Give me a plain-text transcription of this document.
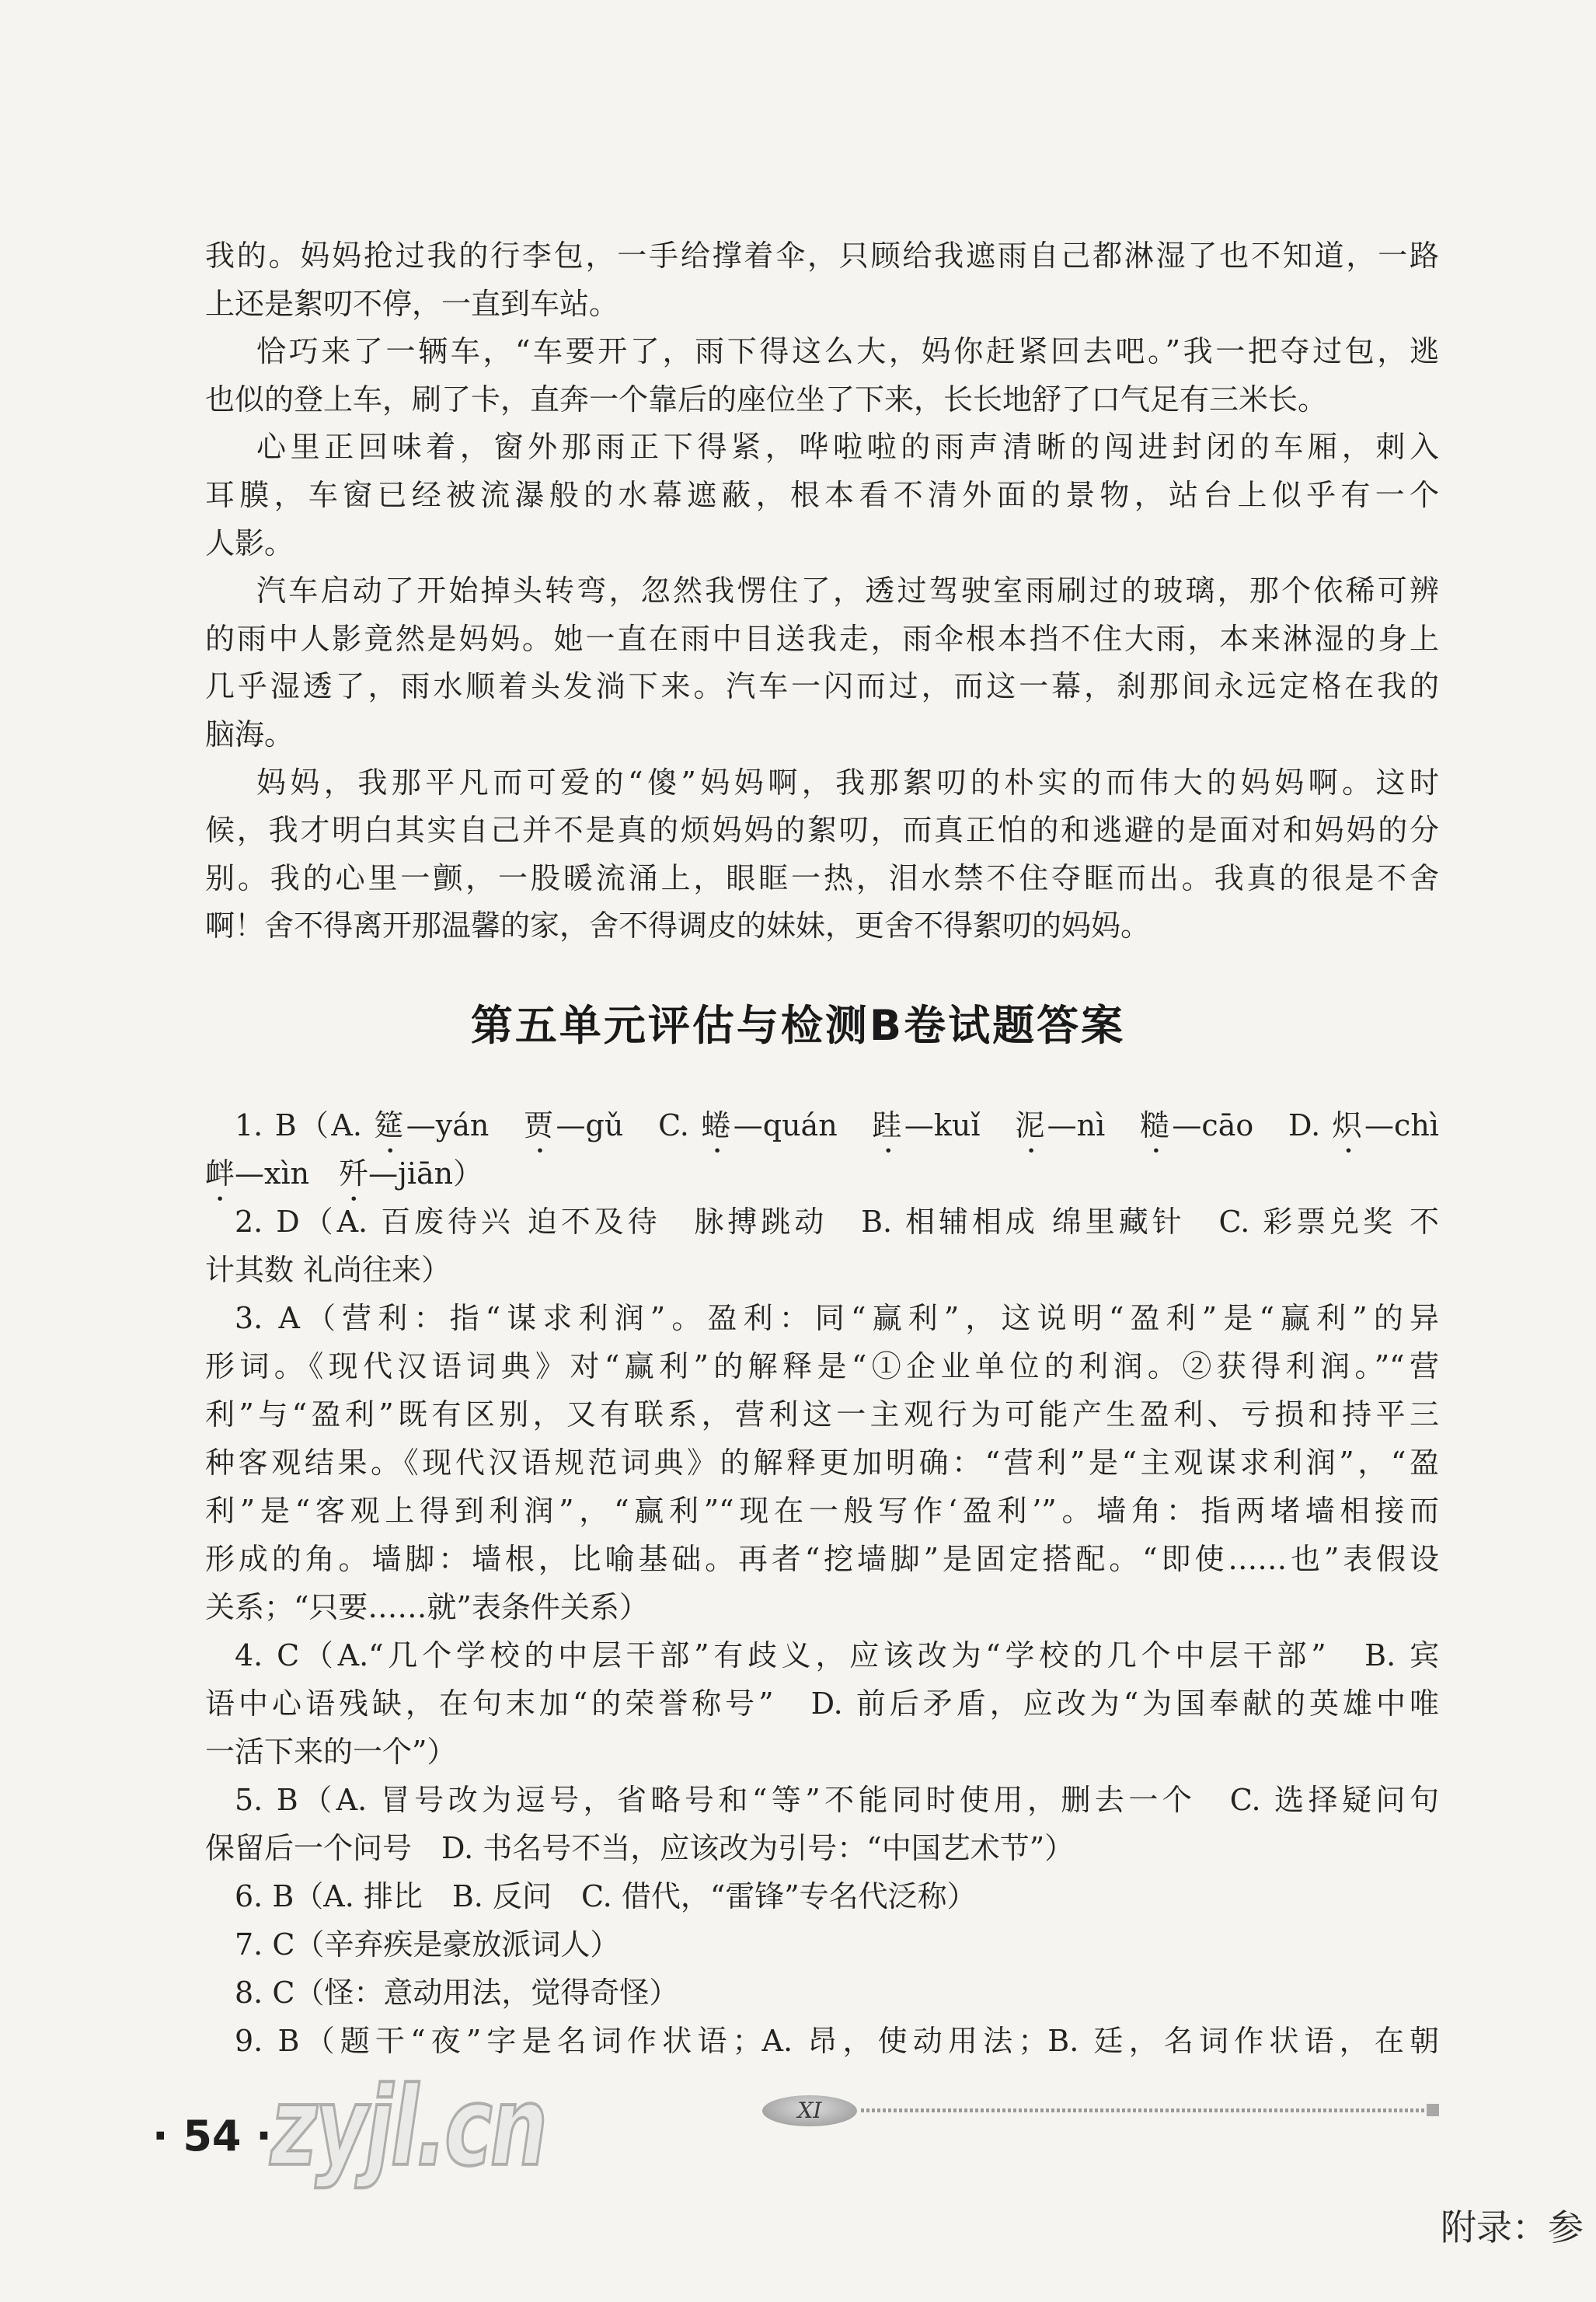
我的。妈妈抢过我的行李包，一手给撑着伞，只顾给我遮雨自己都淋湿了也不知道，一路
上还是絮叨不停，一直到车站。
恰巧来了一辆车，“车要开了，雨下得这么大，妈你赶紧回去吧。”我一把夺过包，逃
也似的登上车，刷了卡，直奔一个靠后的座位坐了下来，长长地舒了口气足有三米长。
心里正回味着，窗外那雨正下得紧，哗啦啦的雨声清晰的闯进封闭的车厢，刺入
耳膜，车窗已经被流瀑般的水幕遮蔽，根本看不清外面的景物，站台上似乎有一个
人影。
汽车启动了开始掉头转弯，忽然我愣住了，透过驾驶室雨刷过的玻璃，那个依稀可辨
的雨中人影竟然是妈妈。她一直在雨中目送我走，雨伞根本挡不住大雨，本来淋湿的身上
几乎湿透了，雨水顺着头发淌下来。汽车一闪而过，而这一幕，刹那间永远定格在我的
脑海。
妈妈，我那平凡而可爱的“傻”妈妈啊，我那絮叨的朴实的而伟大的妈妈啊。这时
候，我才明白其实自己并不是真的烦妈妈的絮叨，而真正怕的和逃避的是面对和妈妈的分
别。我的心里一颤，一股暖流涌上，眼眶一热，泪水禁不住夺眶而出。我真的很是不舍
啊！舍不得离开那温馨的家，舍不得调皮的妹妹，更舍不得絮叨的妈妈。
第五单元评估与检测B卷试题答案
1. B（A. 筵—yán　贾—gǔ　C. 蜷—quán　跬—kuǐ　泥—nì　糙—cāo　D. 炽—chì
衅—xìn　歼—jiān）
2. D（A. 百废待兴 迫不及待　脉搏跳动　B. 相辅相成 绵里藏针　C. 彩票兑奖 不
计其数 礼尚往来）
3. A（营利：指“谋求利润”。盈利：同“赢利”，这说明“盈利”是“赢利”的异
形词。《现代汉语词典》对“赢利”的解释是“①企业单位的利润。②获得利润。”“营
利”与“盈利”既有区别，又有联系，营利这一主观行为可能产生盈利、亏损和持平三
种客观结果。《现代汉语规范词典》的解释更加明确：“营利”是“主观谋求利润”，“盈
利”是“客观上得到利润”，“赢利”“现在一般写作‘盈利’”。墙角：指两堵墙相接而
形成的角。墙脚：墙根，比喻基础。再者“挖墙脚”是固定搭配。“即使……也”表假设
关系；“只要……就”表条件关系）
4. C（A.“几个学校的中层干部”有歧义，应该改为“学校的几个中层干部”　B. 宾
语中心语残缺，在句末加“的荣誉称号”　D. 前后矛盾，应改为“为国奉献的英雄中唯
一活下来的一个”）
5. B（A. 冒号改为逗号，省略号和“等”不能同时使用，删去一个　C. 选择疑问句
保留后一个问号　D. 书名号不当，应该改为引号：“中国艺术节”）
6. B（A. 排比　B. 反问　C. 借代，“雷锋”专名代泛称）
7. C（辛弃疾是豪放派词人）
8. C（怪：意动用法，觉得奇怪）
9. B（题干“夜”字是名词作状语；A. 昂，使动用法；B. 廷，名词作状语，在朝
· 54 ·
zyjl.cn	XI
附录：参
